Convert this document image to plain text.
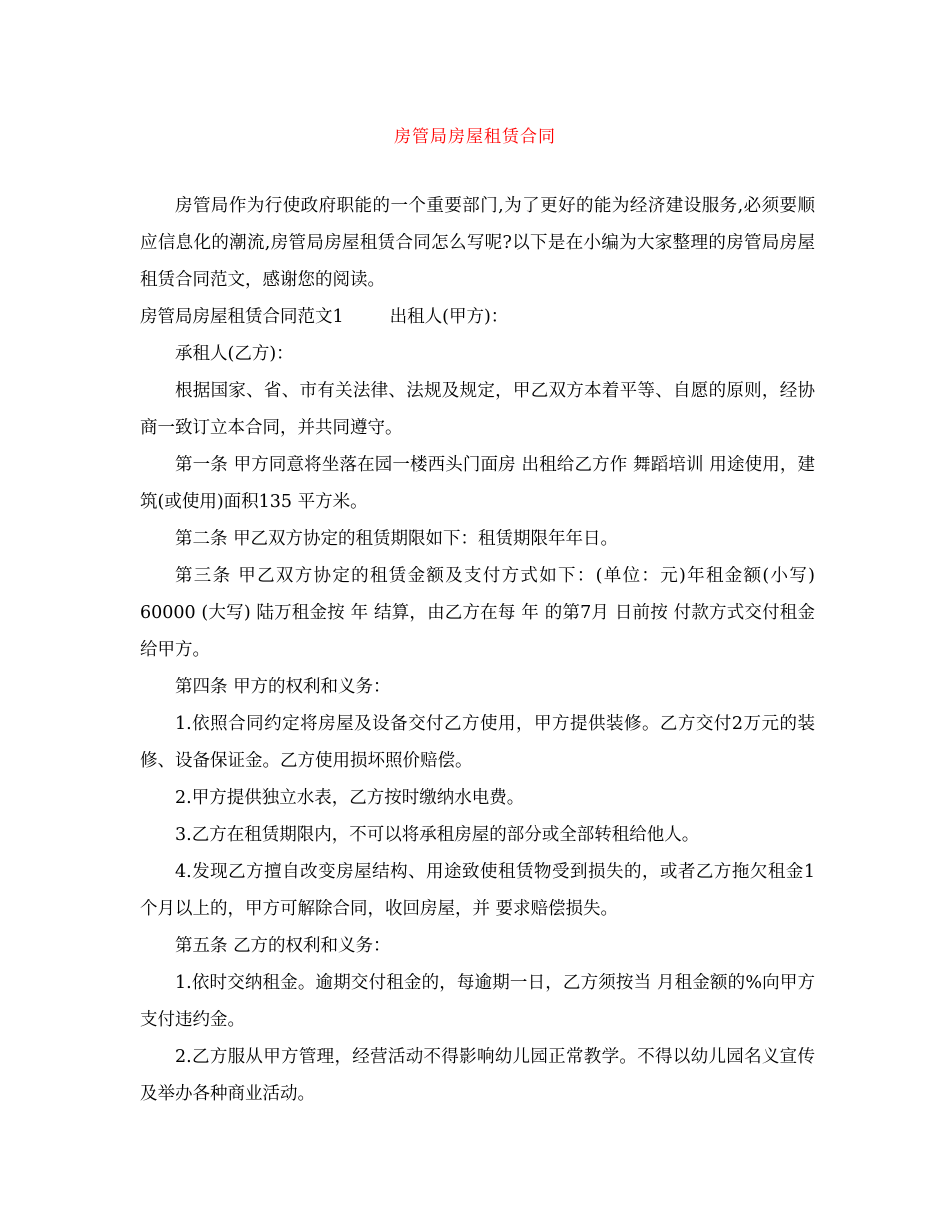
房管局房屋租赁合同

房管局作为行使政府职能的一个重要部门,为了更好的能为经济建设服务,必须要顺应信息化的潮流,房管局房屋租赁合同怎么写呢?以下是在小编为大家整理的房管局房屋租赁合同范文，感谢您的阅读。

房管局房屋租赁合同范文1	出租人(甲方)：

承租人(乙方)：

根据国家、省、市有关法律、法规及规定，甲乙双方本着平等、自愿的原则，经协商一致订立本合同，并共同遵守。

第一条 甲方同意将坐落在园一楼西头门面房 出租给乙方作 舞蹈培训 用途使用，建筑(或使用)面积135 平方米。

第二条 甲乙双方协定的租赁期限如下：租赁期限年年日。

第三条 甲乙双方协定的租赁金额及支付方式如下：(单位：元)年租金额(小写) 60000 (大写) 陆万租金按 年 结算，由乙方在每 年 的第7月 日前按 付款方式交付租金给甲方。

第四条 甲方的权利和义务：

1.依照合同约定将房屋及设备交付乙方使用，甲方提供装修。乙方交付2万元的装修、设备保证金。乙方使用损坏照价赔偿。

2.甲方提供独立水表，乙方按时缴纳水电费。

3.乙方在租赁期限内，不可以将承租房屋的部分或全部转租给他人。

4.发现乙方擅自改变房屋结构、用途致使租赁物受到损失的，或者乙方拖欠租金1 个月以上的，甲方可解除合同，收回房屋，并 要求赔偿损失。

第五条 乙方的权利和义务：

1.依时交纳租金。逾期交付租金的，每逾期一日，乙方须按当 月租金额的%向甲方支付违约金。

2.乙方服从甲方管理，经营活动不得影响幼儿园正常教学。不得以幼儿园名义宣传及举办各种商业活动。
